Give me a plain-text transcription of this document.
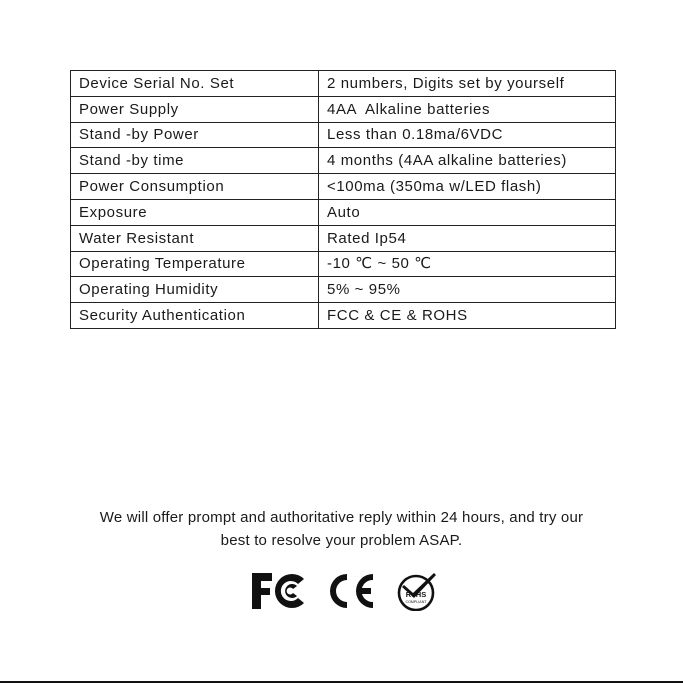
Device Serial No. Set	2 numbers, Digits set by yourself
Power Supply	4AA  Alkaline batteries
Stand -by Power	Less than 0.18ma/6VDC
Stand -by time	4 months (4AA alkaline batteries)
Power Consumption	<100ma (350ma w/LED flash)
Exposure	Auto
Water Resistant	Rated Ip54
Operating Temperature	-10 ℃ ~ 50 ℃
Operating Humidity	5% ~ 95%
Security Authentication	FCC & CE & ROHS

We will offer prompt and authoritative reply within 24 hours, and try our

best to resolve your problem ASAP.

RoHS
COMPLIANT
